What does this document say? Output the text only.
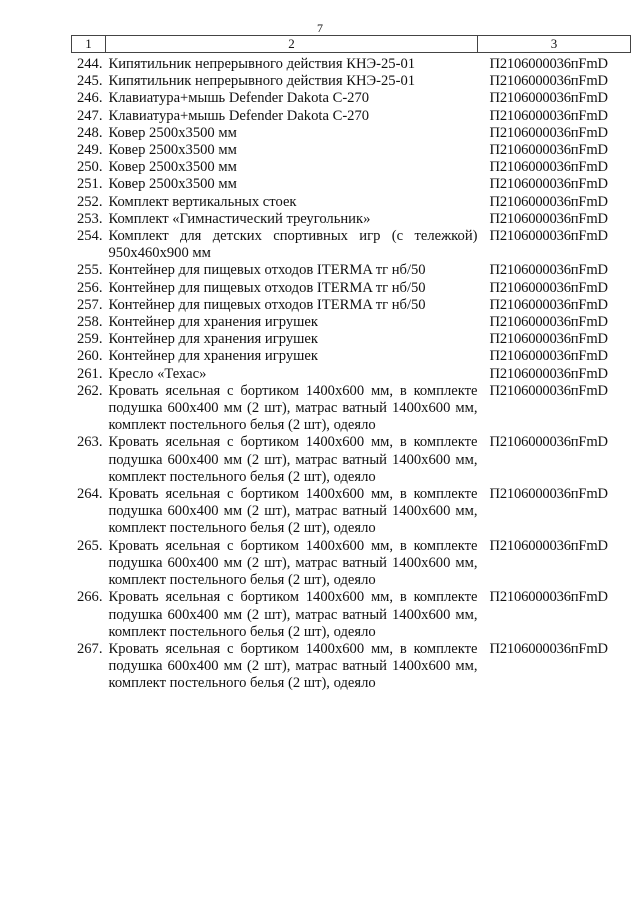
7
1	2	3
244.	Кипятильник непрерывного действия КНЭ-25-01	П2106000036пFmD
245.	Кипятильник непрерывного действия КНЭ-25-01	П2106000036пFmD
246.	Клавиатура+мышь Defender Dakota С-270	П2106000036пFmD
247.	Клавиатура+мышь Defender Dakota С-270	П2106000036пFmD
248.	Ковер 2500х3500 мм	П2106000036пFmD
249.	Ковер 2500х3500 мм	П2106000036пFmD
250.	Ковер 2500х3500 мм	П2106000036пFmD
251.	Ковер 2500х3500 мм	П2106000036пFmD
252.	Комплект вертикальных стоек	П2106000036пFmD
253.	Комплект «Гимнастический треугольник»	П2106000036пFmD
254.	Комплект для детских спортивных игр (с тележкой) 950х460х900 мм	П2106000036пFmD
255.	Контейнер для пищевых отходов ITERMA тг нб/50	П2106000036пFmD
256.	Контейнер для пищевых отходов ITERMA тг нб/50	П2106000036пFmD
257.	Контейнер для пищевых отходов ITERMA тг нб/50	П2106000036пFmD
258.	Контейнер для хранения игрушек	П2106000036пFmD
259.	Контейнер для хранения игрушек	П2106000036пFmD
260.	Контейнер для хранения игрушек	П2106000036пFmD
261.	Кресло «Техас»	П2106000036пFmD
262.	Кровать ясельная с бортиком 1400х600 мм, в комплекте подушка 600х400 мм (2 шт), матрас ватный 1400х600 мм, комплект постельного белья (2 шт), одеяло	П2106000036пFmD
263.	Кровать ясельная с бортиком 1400х600 мм, в комплекте подушка 600х400 мм (2 шт), матрас ватный 1400х600 мм, комплект постельного белья (2 шт), одеяло	П2106000036пFmD
264.	Кровать ясельная с бортиком 1400х600 мм, в комплекте подушка 600х400 мм (2 шт), матрас ватный 1400х600 мм, комплект постельного белья (2 шт), одеяло	П2106000036пFmD
265.	Кровать ясельная с бортиком 1400х600 мм, в комплекте подушка 600х400 мм (2 шт), матрас ватный 1400х600 мм, комплект постельного белья (2 шт), одеяло	П2106000036пFmD
266.	Кровать ясельная с бортиком 1400х600 мм, в комплекте подушка 600х400 мм (2 шт), матрас ватный 1400х600 мм, комплект постельного белья (2 шт), одеяло	П2106000036пFmD
267.	Кровать ясельная с бортиком 1400х600 мм, в комплекте подушка 600х400 мм (2 шт), матрас ватный 1400х600 мм, комплект постельного белья (2 шт), одеяло	П2106000036пFmD
